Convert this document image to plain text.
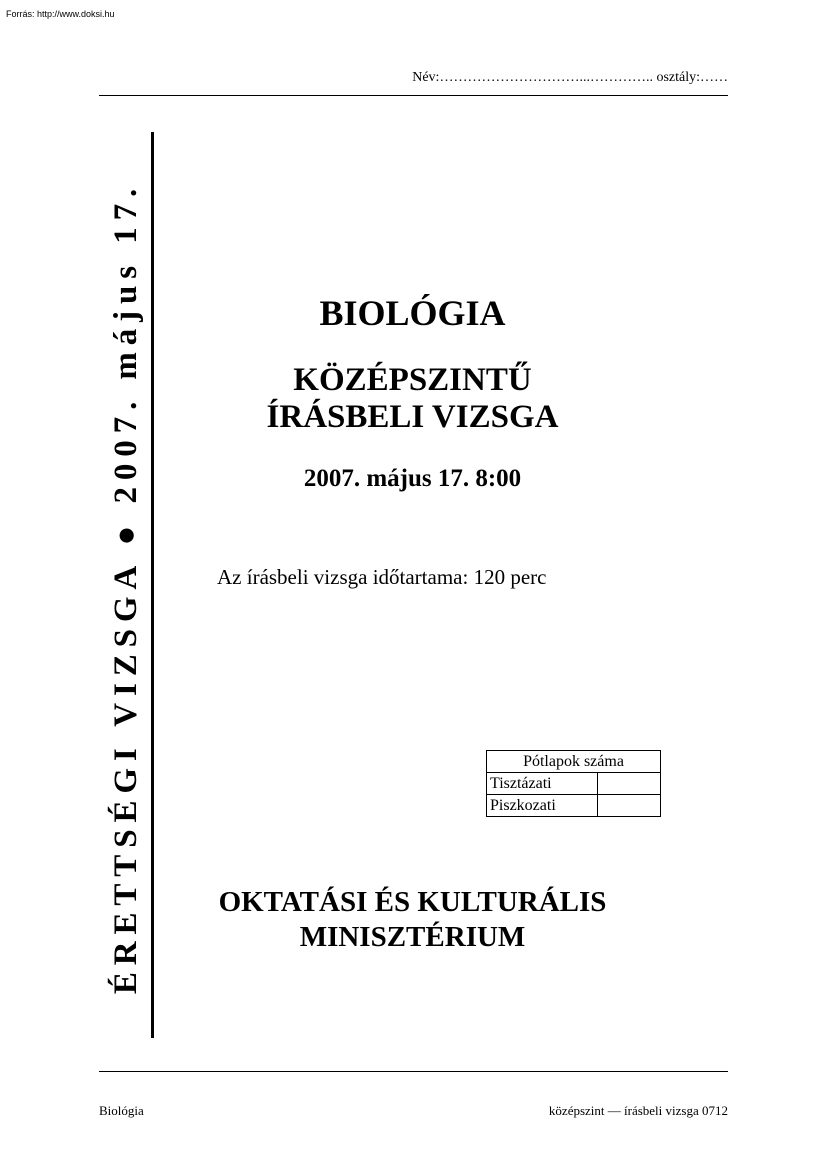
Forrás: http://www.doksi.hu
Név:…………………………...………….. osztály:……
ÉRETTSÉGI VIZSGA ● 2007. május 17.	BIOLÓGIA
KÖZÉPSZINTŰ
ÍRÁSBELI VIZSGA
2007. május 17. 8:00
Az írásbeli vizsga időtartama: 120 perc
Pótlapok száma	
Tisztázati	
Piszkozati	
OKTATÁSI ÉS KULTURÁLIS
MINISZTÉRIUM
Biológia	középszint — írásbeli vizsga 0712
